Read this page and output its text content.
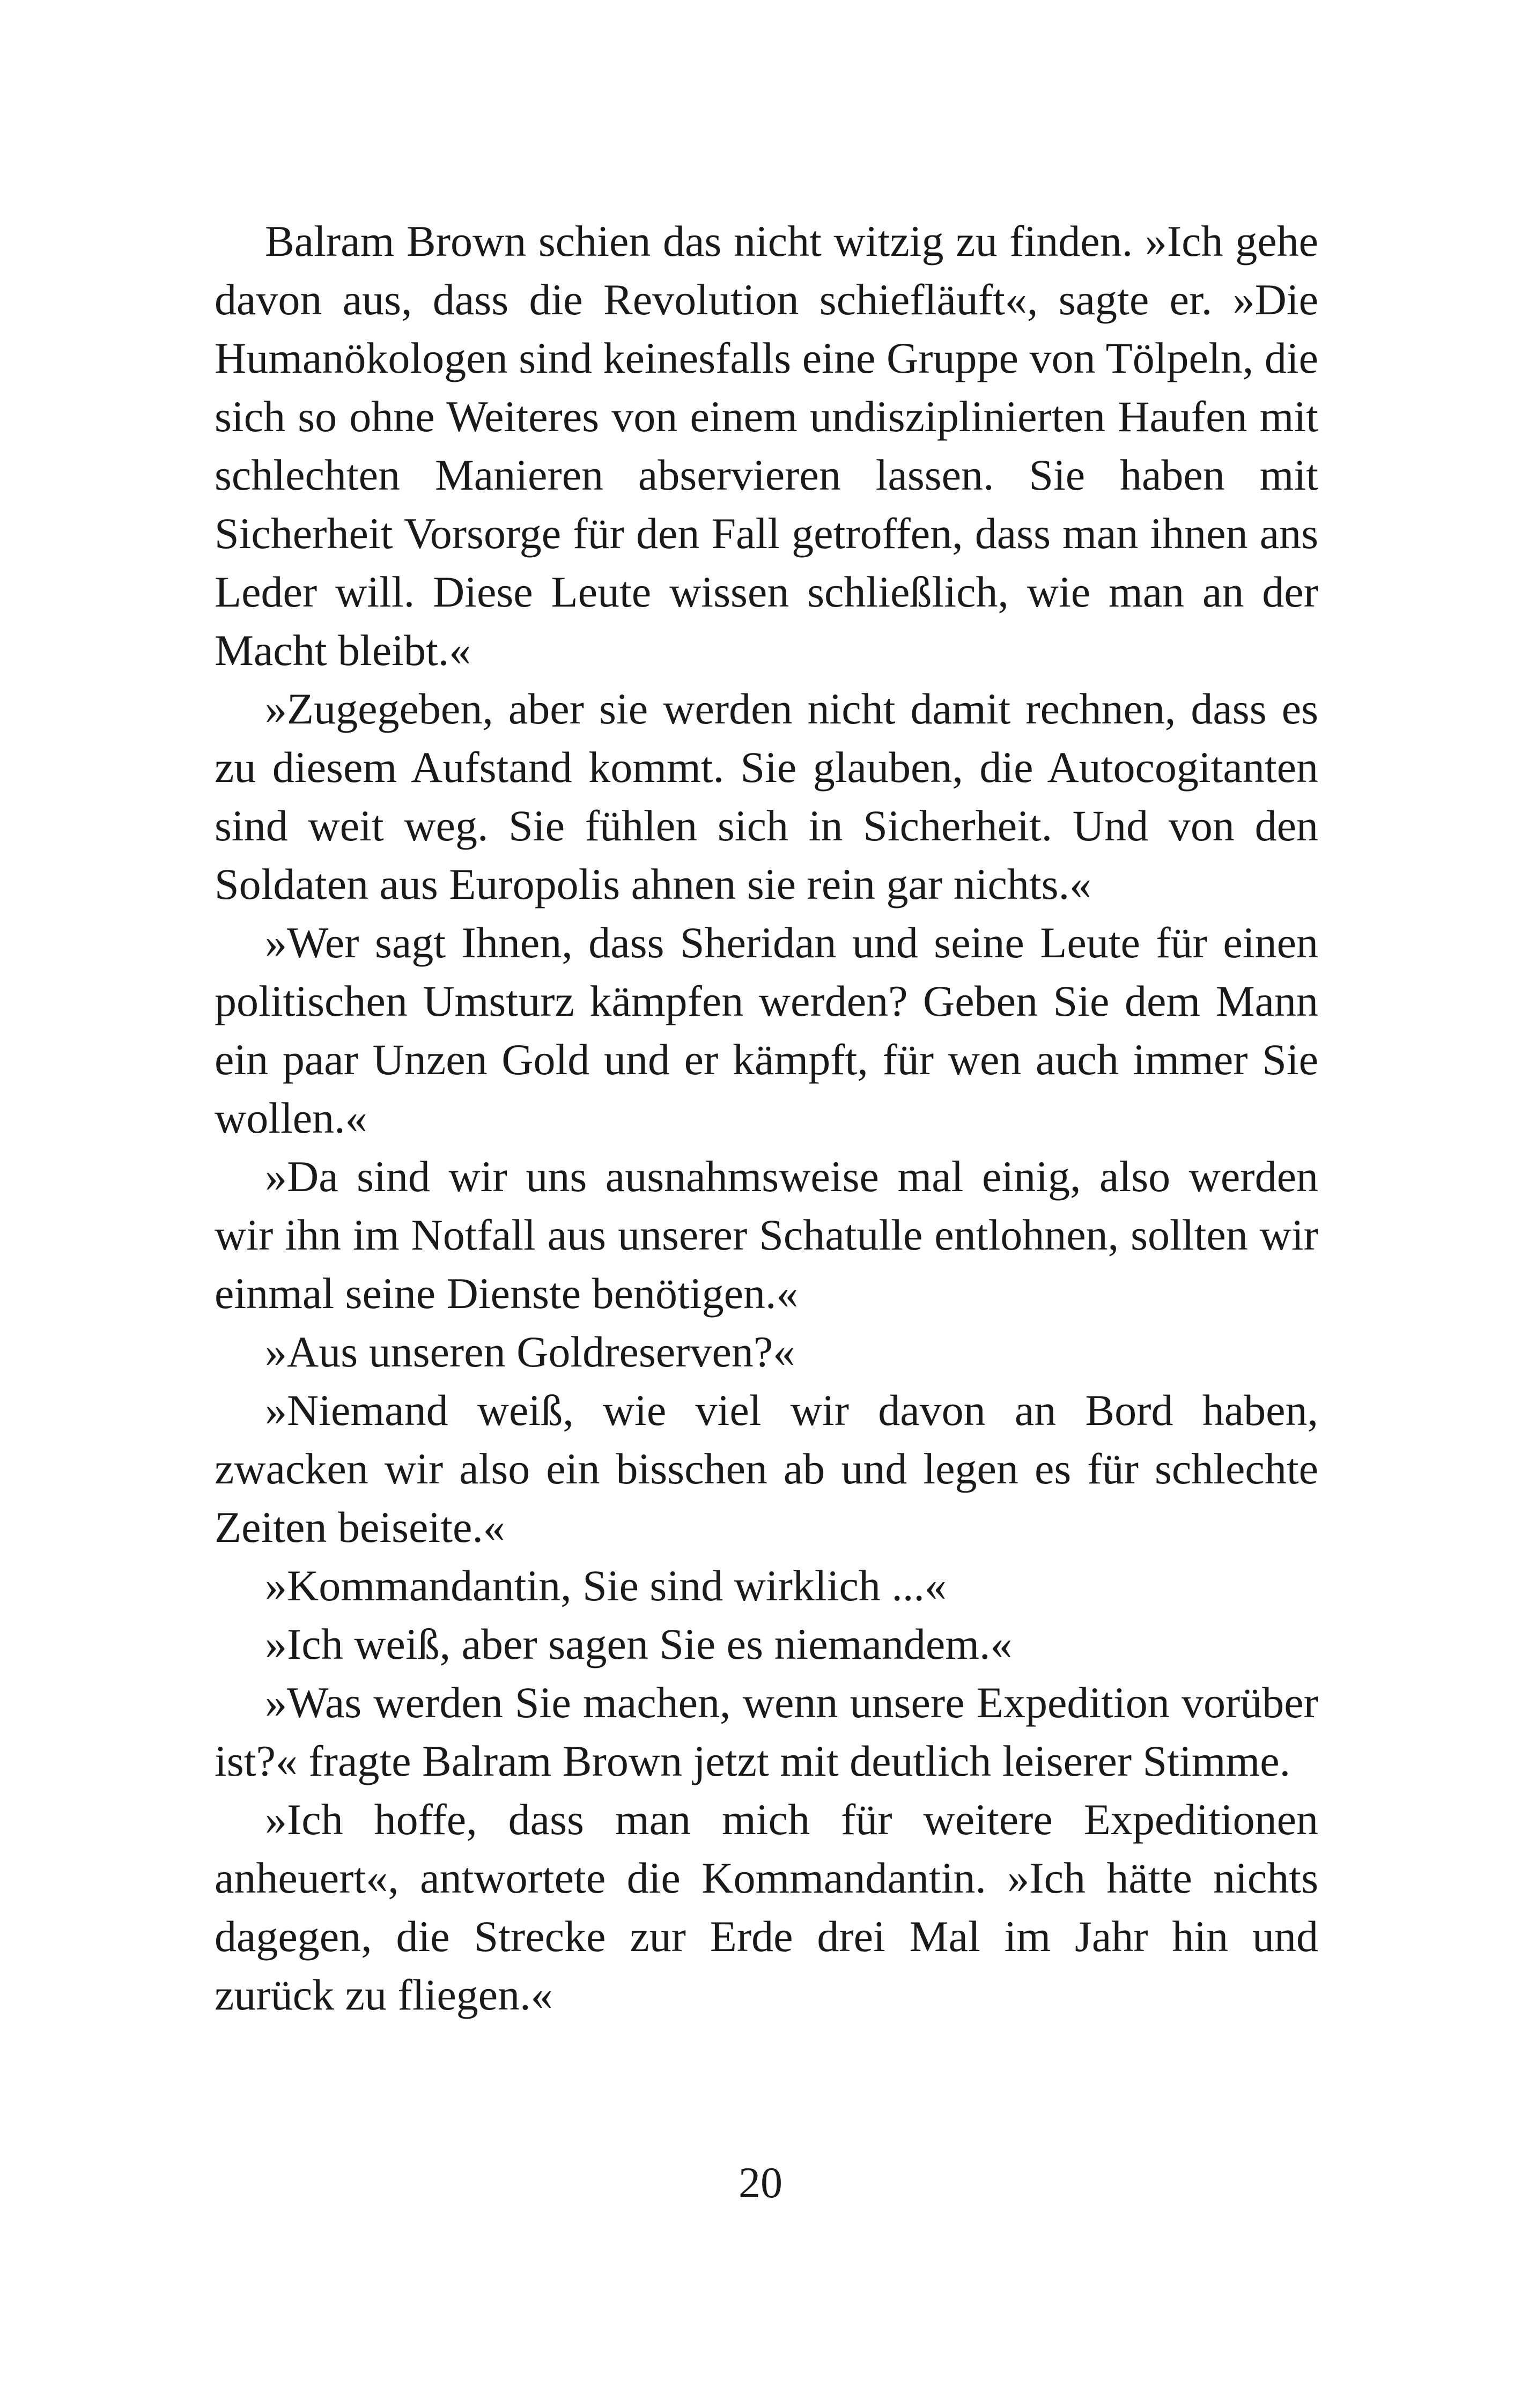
Balram Brown schien das nicht witzig zu finden. »Ich gehe davon aus, dass die Revolution schiefläuft«, sagte er. »Die Humanökologen sind keinesfalls eine Gruppe von Tölpeln, die sich so ohne Weiteres von einem undisziplinierten Haufen mit schlechten Manieren abservieren lassen. Sie haben mit Sicherheit Vorsorge für den Fall getroffen, dass man ihnen ans Leder will. Diese Leute wissen schließlich, wie man an der Macht bleibt.«

»Zugegeben, aber sie werden nicht damit rechnen, dass es zu diesem Aufstand kommt. Sie glauben, die Autocogitanten sind weit weg. Sie fühlen sich in Sicherheit. Und von den Soldaten aus Europolis ahnen sie rein gar nichts.«

»Wer sagt Ihnen, dass Sheridan und seine Leute für einen politischen Umsturz kämpfen werden? Geben Sie dem Mann ein paar Unzen Gold und er kämpft, für wen auch immer Sie wollen.«

»Da sind wir uns ausnahmsweise mal einig, also werden wir ihn im Notfall aus unserer Schatulle entlohnen, sollten wir einmal seine Dienste benötigen.«

»Aus unseren Goldreserven?«

»Niemand weiß, wie viel wir davon an Bord haben, zwacken wir also ein bisschen ab und legen es für schlechte Zeiten beiseite.«

»Kommandantin, Sie sind wirklich ...«

»Ich weiß, aber sagen Sie es niemandem.«

»Was werden Sie machen, wenn unsere Expedition vorüber ist?« fragte Balram Brown jetzt mit deutlich leiserer Stimme.

»Ich hoffe, dass man mich für weitere Expeditionen anheuert«, antwortete die Kommandantin. »Ich hätte nichts dagegen, die Strecke zur Erde drei Mal im Jahr hin und zurück zu fliegen.«

20
